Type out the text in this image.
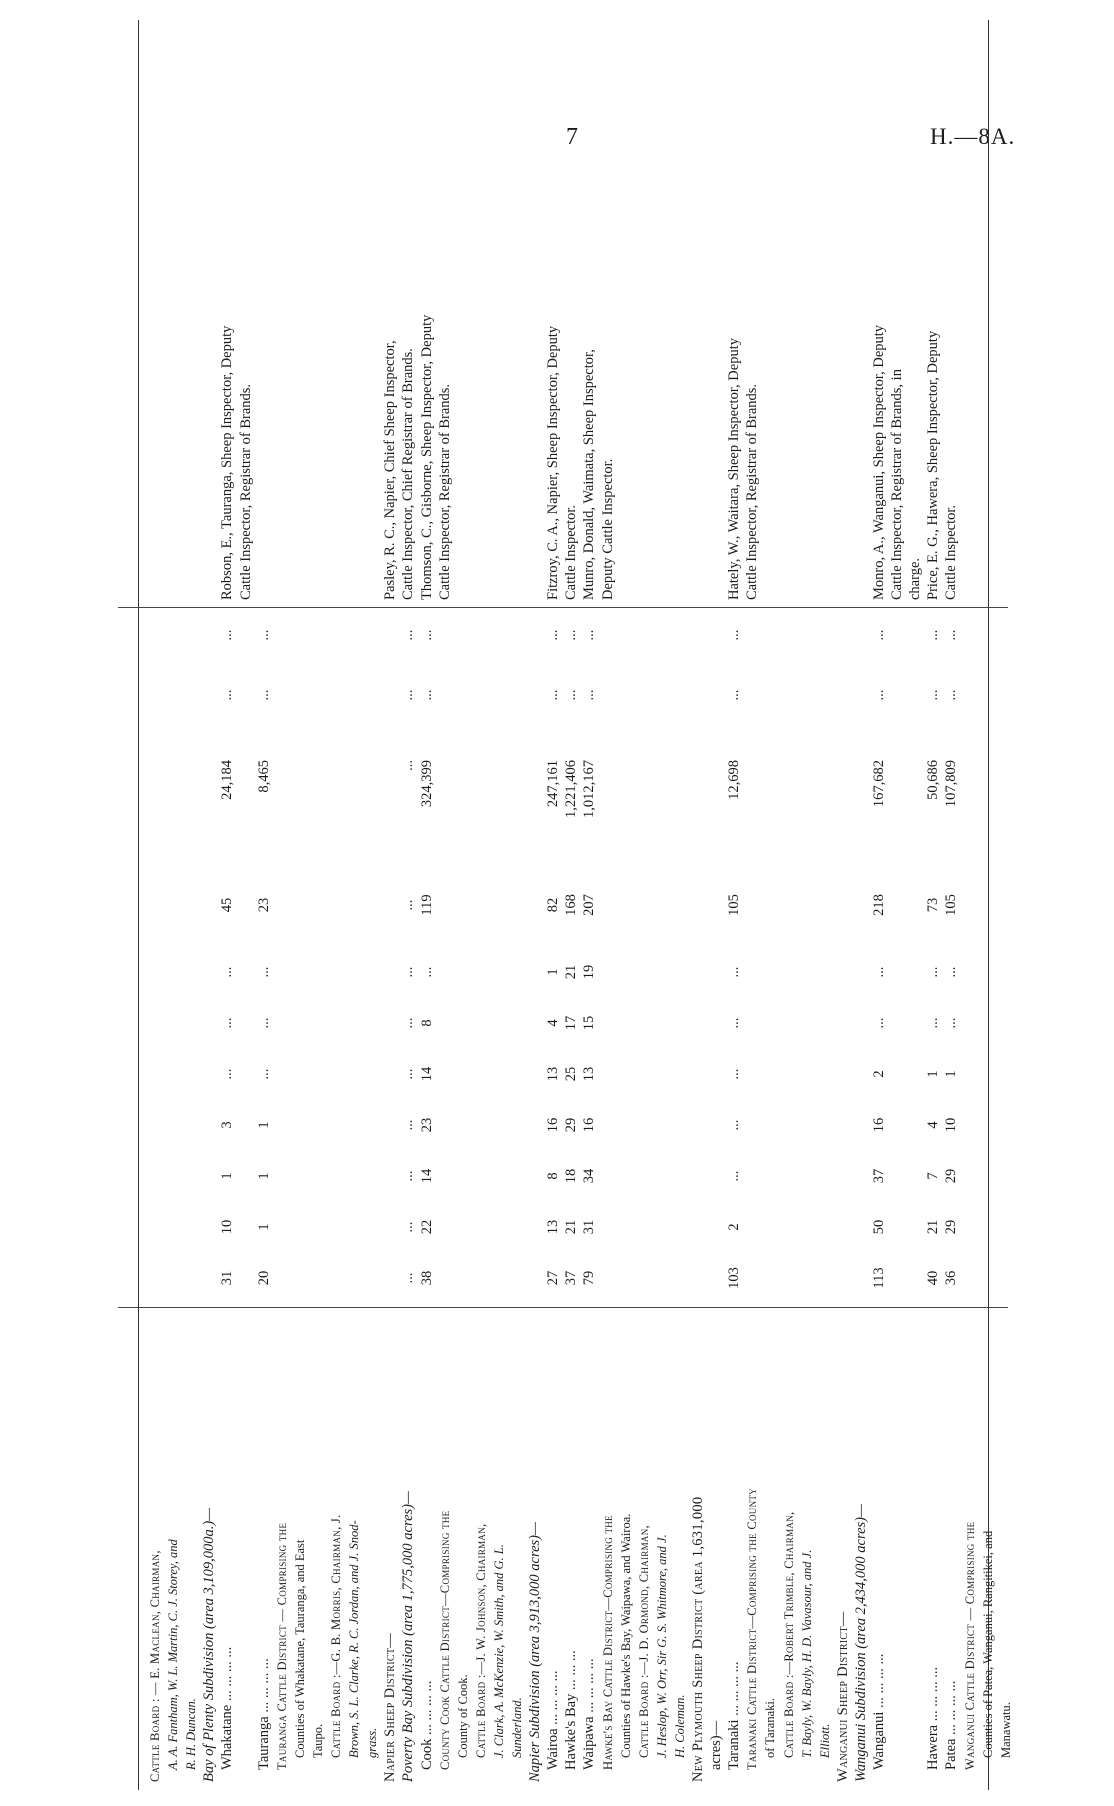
7	H.—8A.
Cattle Board : — E. Maclean, Chairman, A. A. Fantham, W. L. Martin, C. J. Storey, and R. H. Duncan. Bay of Plenty Subdivision (area 3,109,000a.)— Whakatane ... ... ... ...
31
10
1
3
...
...
...
45
24,184
...
...
Robson, E., Tauranga, Sheep Inspector, Deputy Cattle Inspector, Registrar of Brands.
Tauranga ... ... ... ...
20
1
1
1
...
...
...
23
8,465
...
...
Tauranga Cattle District — Comprising the Counties of Whakatane, Tauranga, and East Taupo. Cattle Board :—G. B. Morris, Chairman, J. Brown, S. L. Clarke, R. C. Jordan, and J. Snod- grass. Napier Sheep District—
Pasley, R. C., Napier, Chief Sheep Inspector,
Poverty Bay Subdivision (area 1,775,000 acres)—
...
...
...
...
...
...
...
...
...
...
...
Cattle Inspector, Chief Registrar of Brands.
Cook ... ... ... ...
38
22
14
23
14
8
...
119
324,399
...
...
Thomson, C., Gisborne, Sheep Inspector, Deputy
County Cook Cattle District—Comprising the
Cattle Inspector, Registrar of Brands.
County of Cook. Cattle Board :—J. W. Johnson, Chairman, J. Clark, A. McKenzie, W. Smith, and G. L. Sunderland. Napier Subdivision (area 3,913,000 acres)— Wairoa ... ... ... ...
27
13
8
16
13
4
1
82
247,161
...
...
Fitzroy, C. A., Napier, Sheep Inspector, Deputy
Hawke's Bay ... ... ...
37
21
18
29
25
17
21
168
1,221,406
...
...
Cattle Inspector.
Waipawa ... ... ... ...
79
31
34
16
13
15
19
207
1,012,167
...
...
Munro, Donald, Waimata, Sheep Inspector,
Hawke's Bay Cattle District—Comprising the
Deputy Cattle Inspector.
Counties of Hawke's Bay, Waipawa, and Wairoa. Cattle Board :—J. D. Ormond, Chairman, J. Heslop, W. Orr, Sir G. S. Whitmore, and J. H. Coleman. New Plymouth Sheep District (area 1,631,000 acres)— Taranaki ... ... ... ...
103
2
...
...
...
...
...
105
12,698
...
...
Hately, W., Waitara, Sheep Inspector, Deputy
Taranaki Cattle District—Comprising the County
Cattle Inspector, Registrar of Brands.
of Taranaki. Cattle Board :—Robert Trimble, Chairman, T. Bayly, W. Bayly, H. D. Vavasour, and J. Elliott. Wanganui Sheep District— Wanganui Subdivision (area 2,434,000 acres)— Wanganui ... ... ... ...
113
50
37
16
2
...
...
218
167,682
...
...
Monro, A., Wanganui, Sheep Inspector, Deputy Cattle Inspector, Registrar of Brands, in charge.
Hawera ... ... ... ...
40
21
7
4
1
...
...
73
50,686
...
...
Price, E. G., Hawera, Sheep Inspector, Deputy
Patea ... ... ... ...
36
29
29
10
1
...
...
105
107,809
...
...
Cattle Inspector.
Wanganui Cattle District — Comprising the Counties of Patea, Wanganui, Rangitikei, and Manawatu.
